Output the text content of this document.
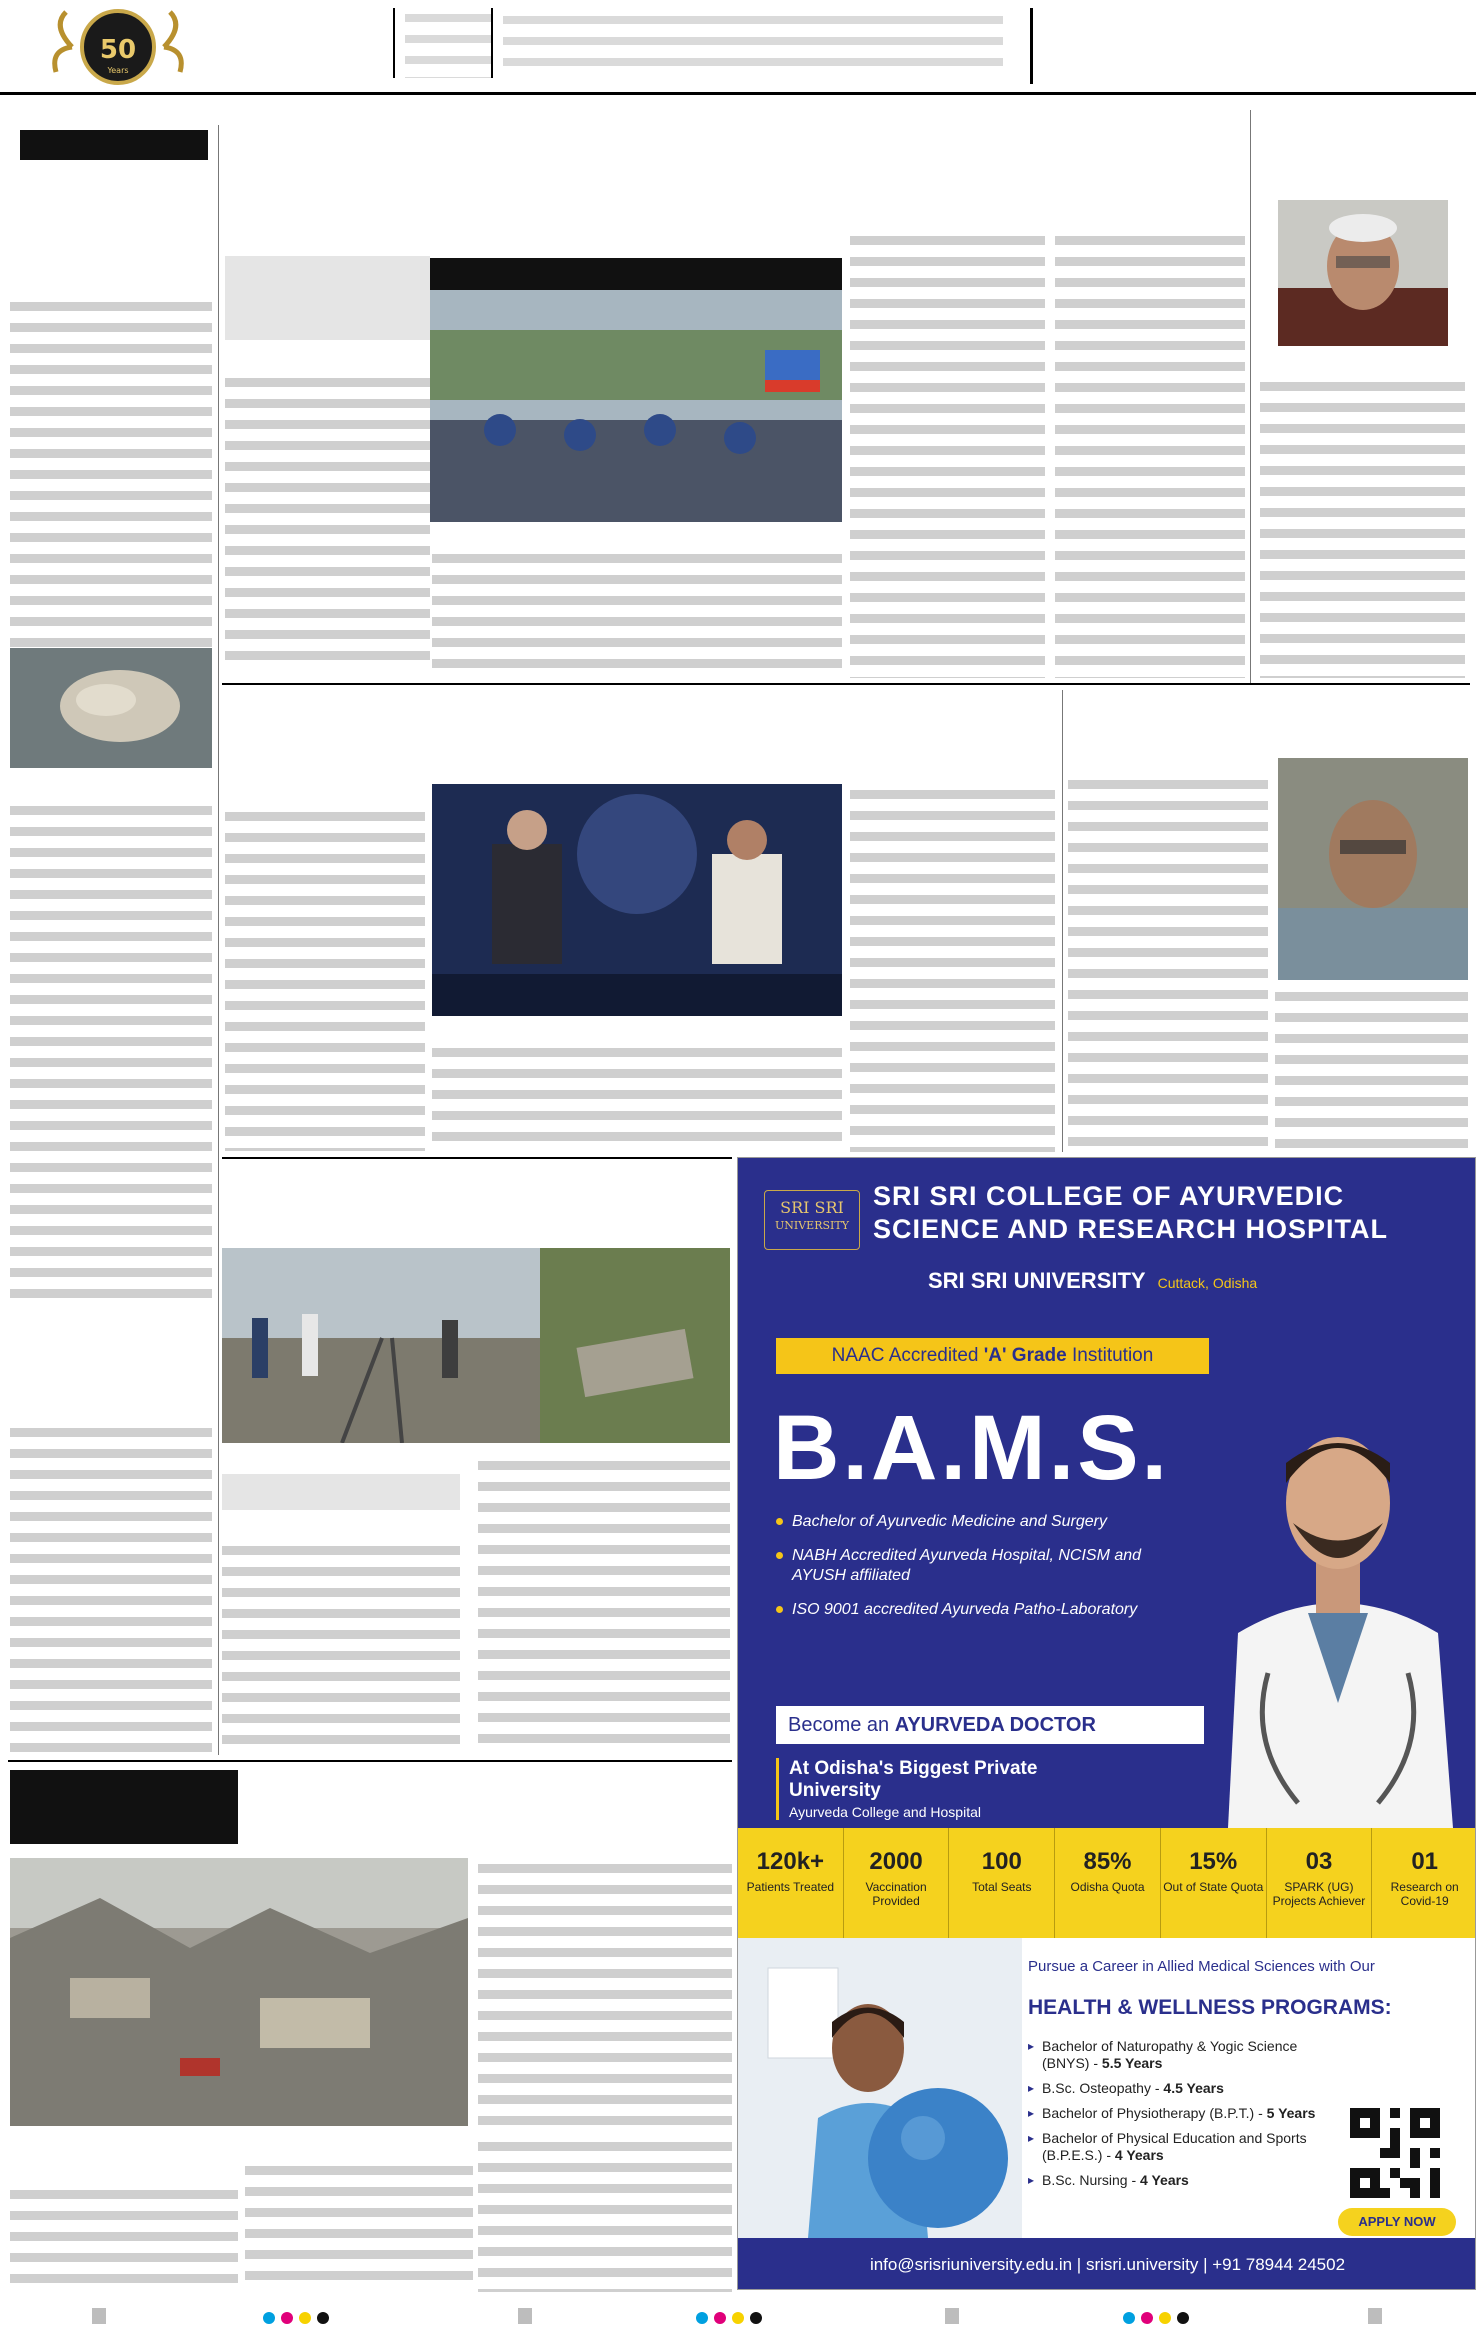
50
Years
SRI SRI
UNIVERSITY
SRI SRI COLLEGE OF AYURVEDIC SCIENCE AND RESEARCH HOSPITAL
SRI SRI UNIVERSITY Cuttack, Odisha
NAAC Accredited 'A' Grade Institution
B.A.M.S.
Bachelor of Ayurvedic Medicine and Surgery
NABH Accredited Ayurveda Hospital, NCISM and AYUSH affiliated
ISO 9001 accredited Ayurveda Patho-Laboratory
Become an AYURVEDA DOCTOR
At Odisha's Biggest Private University
Ayurveda College and Hospital
120k+
Patients Treated
2000
Vaccination Provided
100
Total Seats
85%
Odisha Quota
15%
Out of State Quota
03
SPARK (UG) Projects Achiever
01
Research on Covid-19
Pursue a Career in Allied Medical Sciences with Our
HEALTH & WELLNESS PROGRAMS:
▸ Bachelor of Naturopathy & Yogic Science (BNYS) - 5.5 Years
▸ B.Sc. Osteopathy - 4.5 Years
▸ Bachelor of Physiotherapy (B.P.T.) - 5 Years
▸ Bachelor of Physical Education and Sports (B.P.E.S.) - 4 Years
▸ B.Sc. Nursing - 4 Years
APPLY NOW
info@srisriuniversity.edu.in | srisri.university | +91 78944 24502
